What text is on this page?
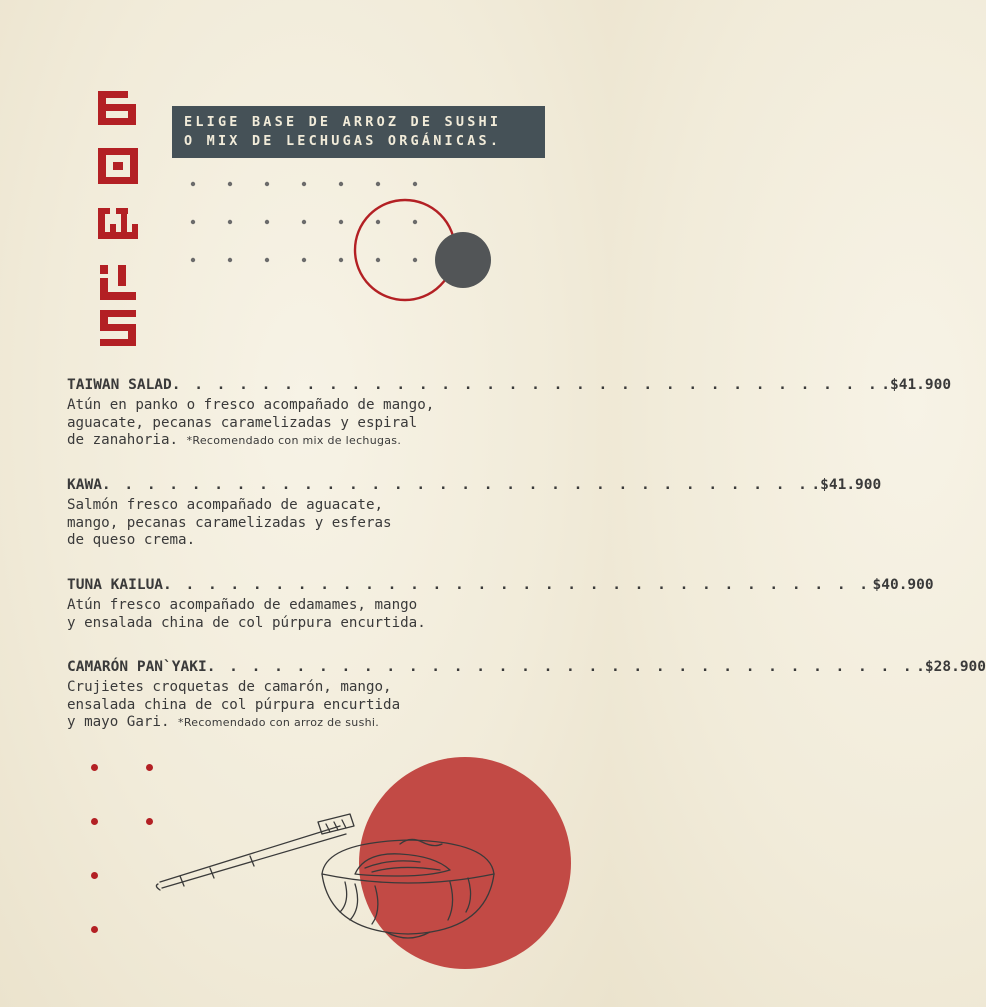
ELIGE BASE DE ARROZ DE SUSHI
O MIX DE LECHUGAS ORGÁNICAS.
TAIWAN SALAD . . . . . . . . . . . . . . . . . . . . . . . . . . . . . . . . .$41.900
Atún en panko o fresco acompañado de mango,
aguacate, pecanas caramelizadas y espiral
de zanahoria. *Recomendado con mix de lechugas.
KAWA . . . . . . . . . . . . . . . . . . . . . . . . . . . . . . . . .$41.900
Salmón fresco acompañado de aguacate,
mango, pecanas caramelizadas y esferas
de queso crema.
TUNA KAILUA . . . . . . . . . . . . . . . . . . . . . . . . . . . . . . . . $40.900
Atún fresco acompañado de edamames, mango
y ensalada china de col púrpura encurtida.
CAMARÓN PAN`YAKI . . . . . . . . . . . . . . . . . . . . . . . . . . . . . . . . .$28.900
Crujietes croquetas de camarón, mango,
ensalada china de col púrpura encurtida
y mayo Gari. *Recomendado con arroz de sushi.
